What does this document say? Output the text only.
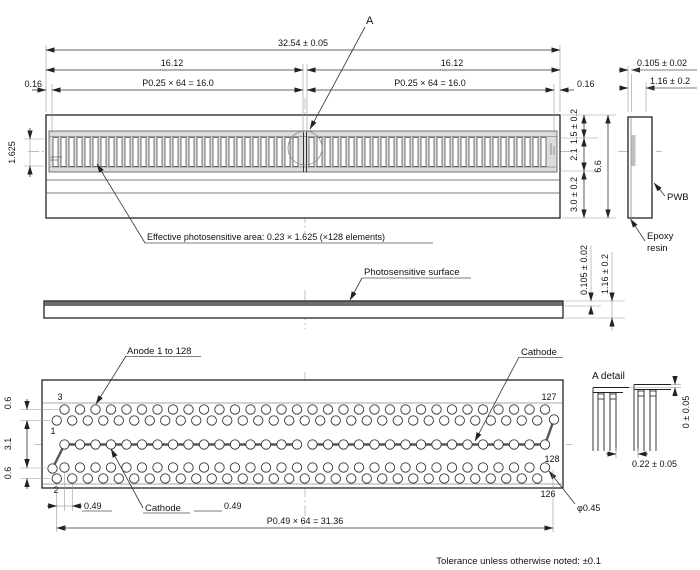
A
32.54 ± 0.05
16.12	16.12
P0.25 × 64 = 16.0	P0.25 × 64 = 16.0
0.16	0.16
1.625
1.5 ± 0.2
2.1
3.0 ± 0.2
6.6
Effective photosensitive area: 0.23 × 1.625 (×128 elements)
0.105 ± 0.02
1.16 ± 0.2
PWB
Epoxy
resin
Photosensitive surface	0.105 ± 0.02 1.16 ± 0.2
3
1
2
127
128
126
Anode 1 to 128	Cathode
Cathode	φ0.45
0.6
3.1
0.6
0.49	0.49
P0.49 × 64 = 31.36
A detail
0 ± 0.05
0.22 ± 0.05
Tolerance unless otherwise noted: ±0.1
